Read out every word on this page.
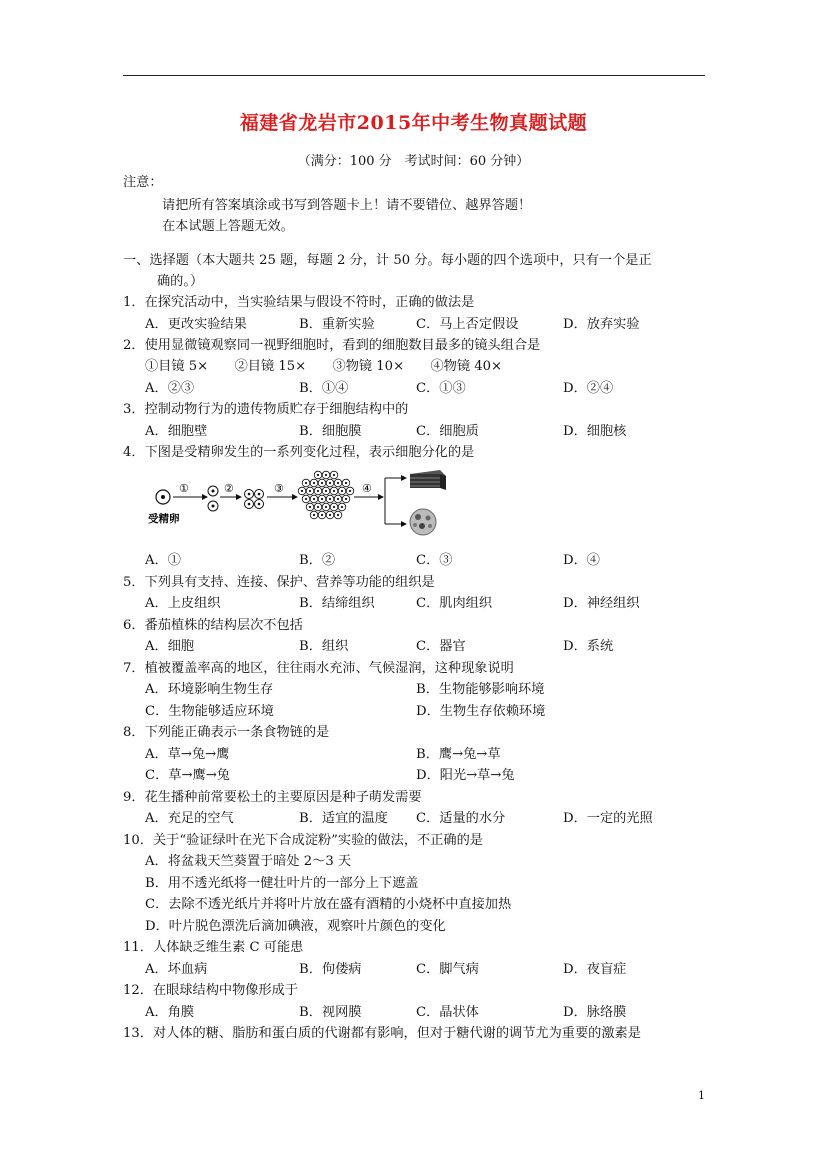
福建省龙岩市2015年中考生物真题试题
（满分：100 分　考试时间：60 分钟）
注意：
请把所有答案填涂或书写到答题卡上！请不要错位、越界答题！
在本试题上答题无效。
一、选择题（本大题共 25 题，每题 2 分，计 50 分。每小题的四个选项中，只有一个是正
确的。）
1．在探究活动中，当实验结果与假设不符时，正确的做法是
A．更改实验结果	B．重新实验	C．马上否定假设	D．放弃实验
2．使用显微镜观察同一视野细胞时，看到的细胞数目最多的镜头组合是
①目镜 5×　　②目镜 15×　　③物镜 10×　　④物镜 40×
A．②③	B．①④	C．①③	D．②④
3．控制动物行为的遗传物质贮存于细胞结构中的
A．细胞壁	B．细胞膜	C．细胞质	D．细胞核
4．下图是受精卵发生的一系列变化过程，表示细胞分化的是
受精卵
①	②	③	④
A．①	B．②	C．③	D．④
5．下列具有支持、连接、保护、营养等功能的组织是
A．上皮组织	B．结缔组织	C．肌肉组织	D．神经组织
6．番茄植株的结构层次不包括
A．细胞	B．组织	C．器官	D．系统
7．植被覆盖率高的地区，往往雨水充沛、气候湿润，这种现象说明
A．环境影响生物生存	B．生物能够影响环境
C．生物能够适应环境	D．生物生存依赖环境
8．下列能正确表示一条食物链的是
A．草→兔→鹰	B．鹰→兔→草
C．草→鹰→兔	D．阳光→草→兔
9．花生播种前常要松土的主要原因是种子萌发需要
A．充足的空气	B．适宜的温度 C．适量的水分	D．一定的光照
10．关于“验证绿叶在光下合成淀粉”实验的做法，不正确的是
A．将盆栽天竺葵置于暗处 2～3 天
B．用不透光纸将一健壮叶片的一部分上下遮盖
C．去除不透光纸片并将叶片放在盛有酒精的小烧杯中直接加热
D．叶片脱色漂洗后滴加碘液，观察叶片颜色的变化
11．人体缺乏维生素 C 可能患
A．坏血病	B．佝偻病	C．脚气病	D．夜盲症
12．在眼球结构中物像形成于
A．角膜	B．视网膜	C．晶状体	D．脉络膜
13．对人体的糖、脂肪和蛋白质的代谢都有影响，但对于糖代谢的调节尤为重要的激素是
1
